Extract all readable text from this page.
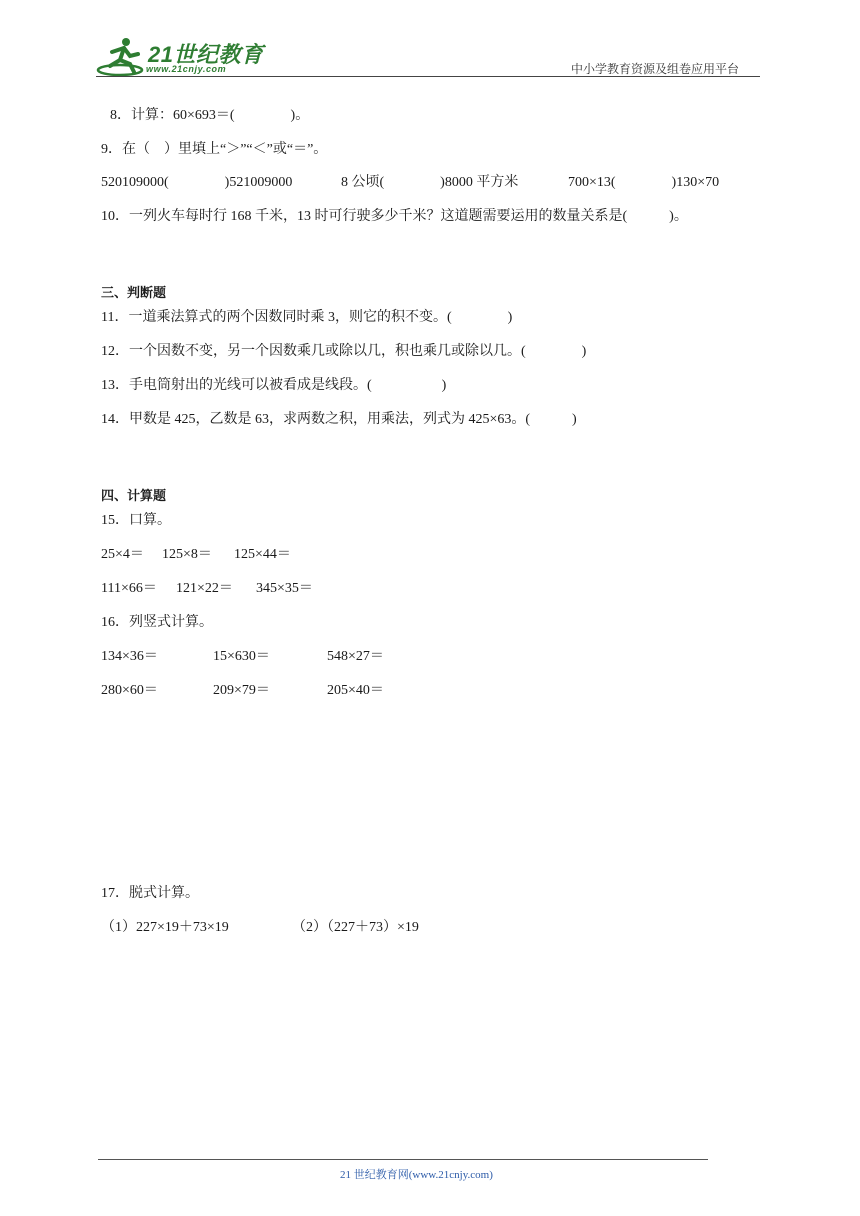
21世纪教育
www.21cnjy.com	中小学教育资源及组卷应用平台
8．计算：60×693＝(　　　　)。
9．在（　）里填上“＞”“＜”或“＝”。
520109000(　　　　)521009000	8 公顷(　　　　)8000 平方米	700×13(　　　　)130×70
10．一列火车每时行 168 千米，13 时可行驶多少千米？这道题需要运用的数量关系是(　　　)。
三、判断题
11．一道乘法算式的两个因数同时乘 3，则它的积不变。(　　　　)
12．一个因数不变，另一个因数乘几或除以几，积也乘几或除以几。(　　　　)
13．手电筒射出的光线可以被看成是线段。(　　　　　)
14．甲数是 425，乙数是 63，求两数之积，用乘法，列式为 425×63。(　　　)
四、计算题
15．口算。
25×4＝ 125×8＝ 125×44＝
111×66＝ 121×22＝ 345×35＝
16．列竖式计算。
134×36＝	15×630＝	548×27＝
280×60＝	209×79＝	205×40＝
17．脱式计算。
（1）227×19＋73×19	（2）（227＋73）×19
21 世纪教育网(www.21cnjy.com)
